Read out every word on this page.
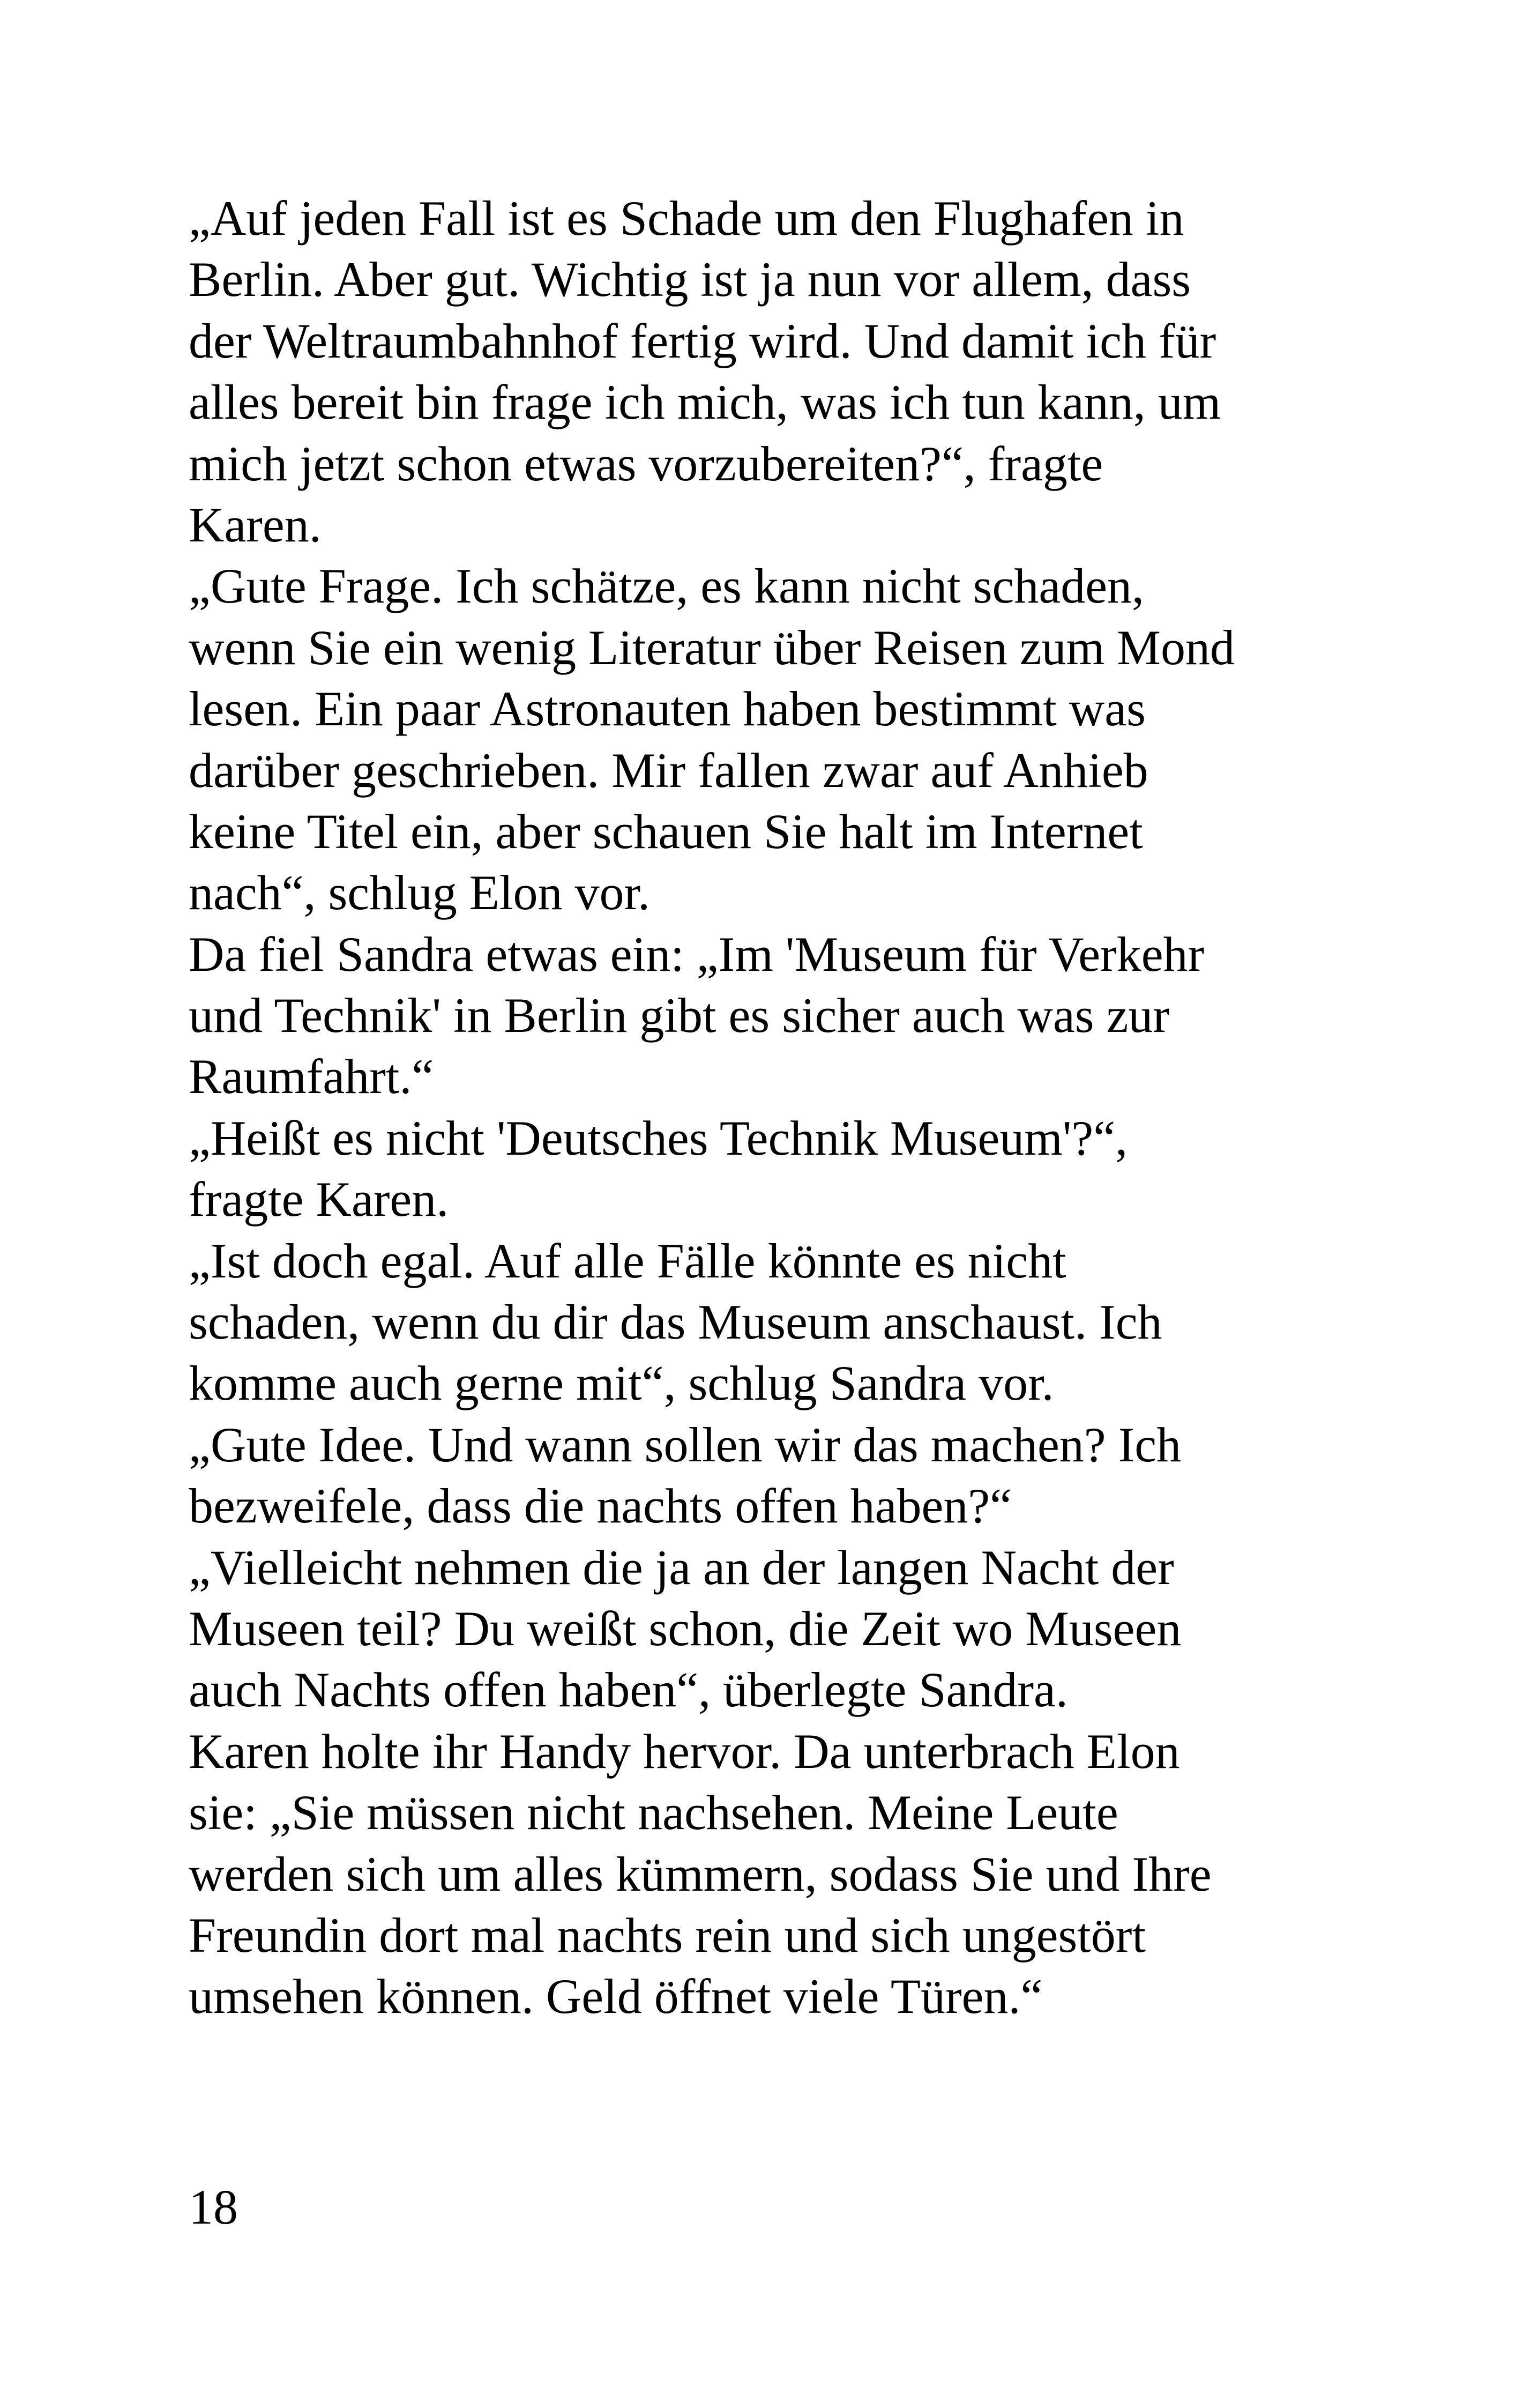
„Auf jeden Fall ist es Schade um den Flughafen in
Berlin. Aber gut. Wichtig ist ja nun vor allem, dass
der Weltraumbahnhof fertig wird. Und damit ich für
alles bereit bin frage ich mich, was ich tun kann, um
mich jetzt schon etwas vorzubereiten?“, fragte
Karen.
„Gute Frage. Ich schätze, es kann nicht schaden,
wenn Sie ein wenig Literatur über Reisen zum Mond
lesen. Ein paar Astronauten haben bestimmt was
darüber geschrieben. Mir fallen zwar auf Anhieb
keine Titel ein, aber schauen Sie halt im Internet
nach“, schlug Elon vor.
Da fiel Sandra etwas ein: „Im 'Museum für Verkehr
und Technik' in Berlin gibt es sicher auch was zur
Raumfahrt.“
„Heißt es nicht 'Deutsches Technik Museum'?“,
fragte Karen.
„Ist doch egal. Auf alle Fälle könnte es nicht
schaden, wenn du dir das Museum anschaust. Ich
komme auch gerne mit“, schlug Sandra vor.
„Gute Idee. Und wann sollen wir das machen? Ich
bezweifele, dass die nachts offen haben?“
„Vielleicht nehmen die ja an der langen Nacht der
Museen teil? Du weißt schon, die Zeit wo Museen
auch Nachts offen haben“, überlegte Sandra.
Karen holte ihr Handy hervor. Da unterbrach Elon
sie: „Sie müssen nicht nachsehen. Meine Leute
werden sich um alles kümmern, sodass Sie und Ihre
Freundin dort mal nachts rein und sich ungestört
umsehen können. Geld öffnet viele Türen.“
18
